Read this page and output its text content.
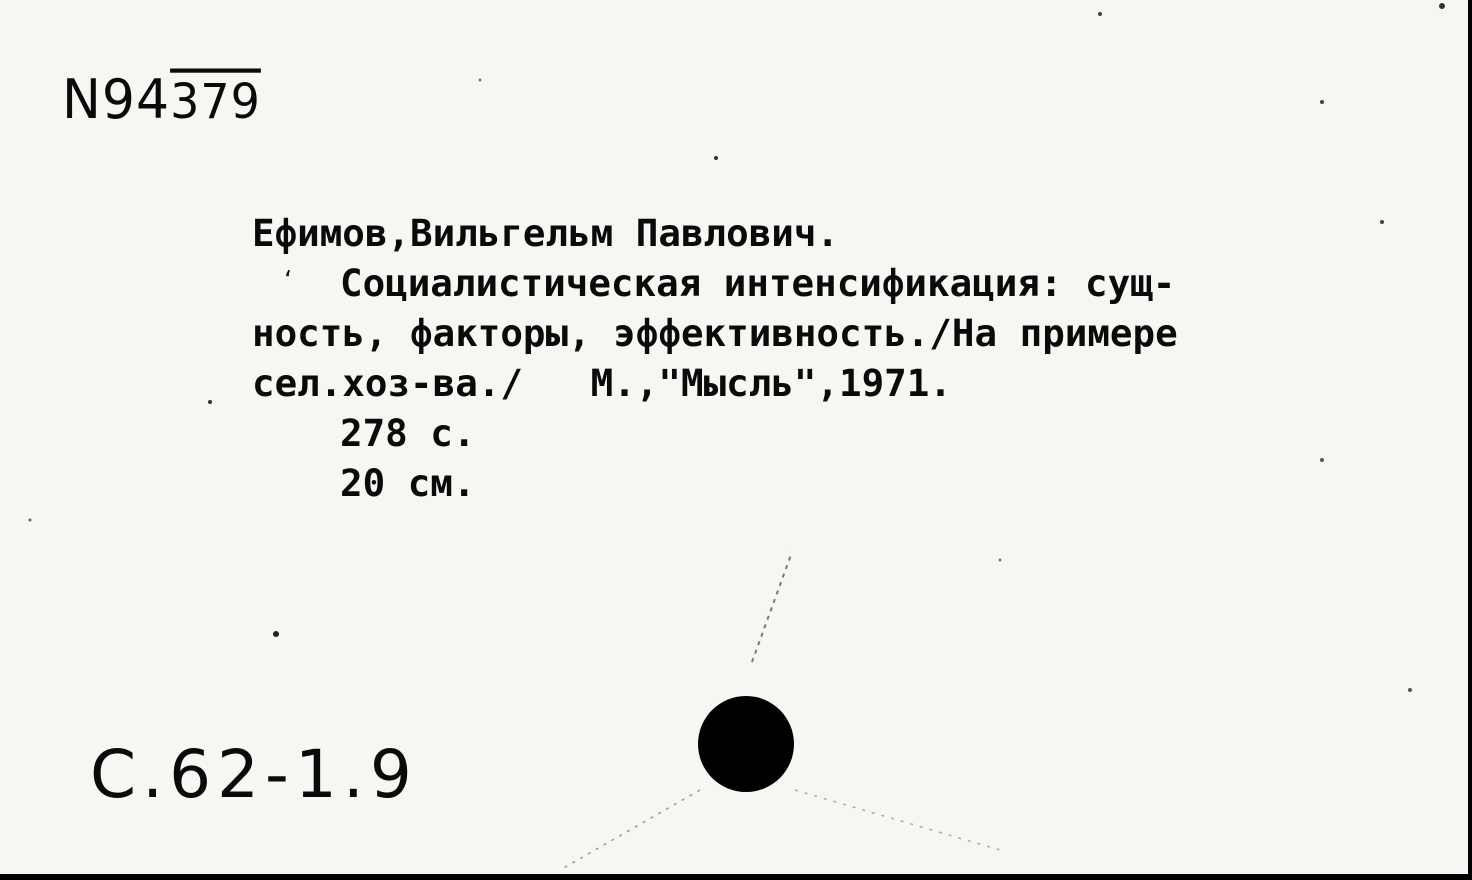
N94379
Ефимов,Вильгельм Павлович.
‘ Социалистическая интенсификация: сущ-
ность, факторы, эффективность./На примере
сел.хоз-ва./   М.,"Мысль",1971.
278 с.
20 см.
C.62-1.9
